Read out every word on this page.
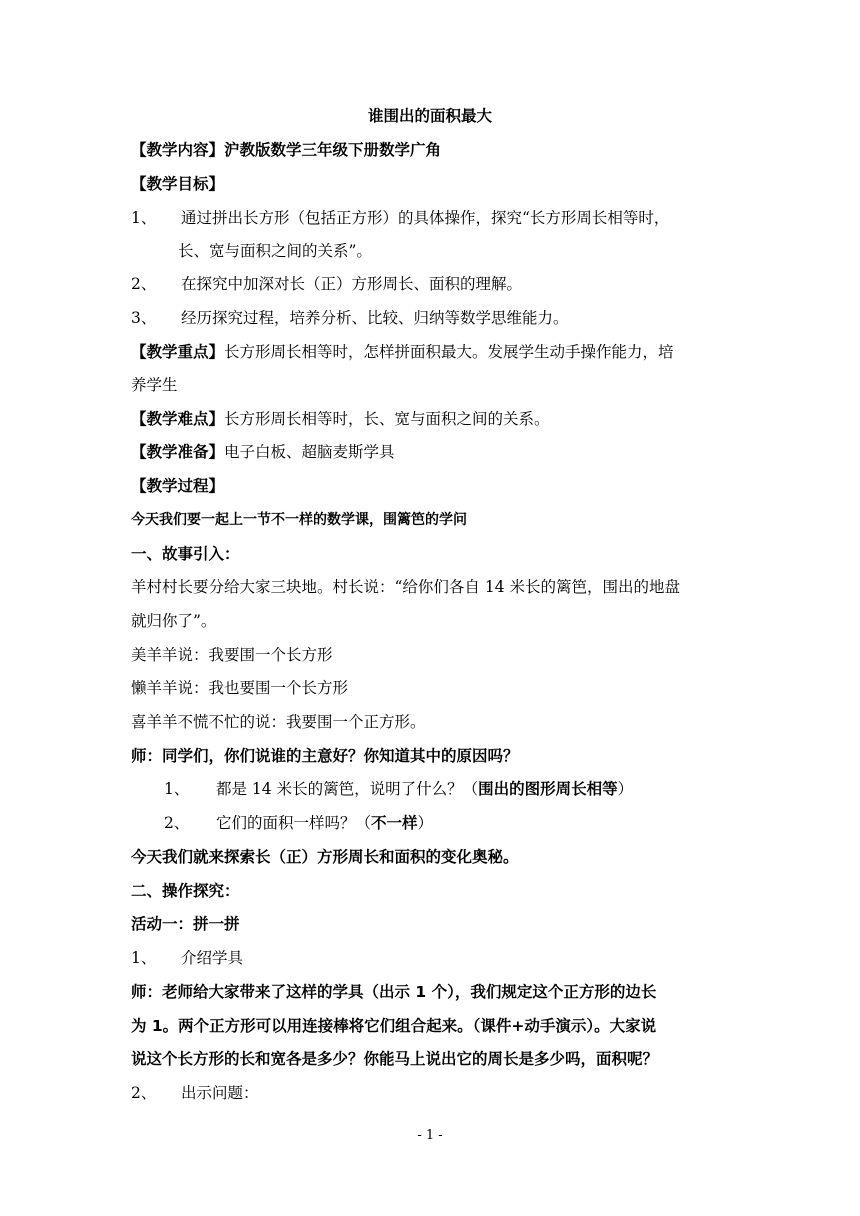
谁围出的面积最大
【教学内容】沪教版数学三年级下册数学广角
【教学目标】
1、 通过拼出长方形（包括正方形）的具体操作，探究“长方形周长相等时，
长、宽与面积之间的关系”。
2、 在探究中加深对长（正）方形周长、面积的理解。
3、 经历探究过程，培养分析、比较、归纳等数学思维能力。
【教学重点】长方形周长相等时，怎样拼面积最大。发展学生动手操作能力，培
养学生
【教学难点】长方形周长相等时，长、宽与面积之间的关系。
【教学准备】电子白板、超脑麦斯学具
【教学过程】
今天我们要一起上一节不一样的数学课，围篱笆的学问
一、故事引入：
羊村村长要分给大家三块地。村长说：“给你们各自 14 米长的篱笆，围出的地盘
就归你了”。
美羊羊说：我要围一个长方形
懒羊羊说：我也要围一个长方形
喜羊羊不慌不忙的说：我要围一个正方形。
师：同学们，你们说谁的主意好？你知道其中的原因吗？
1、 都是 14 米长的篱笆，说明了什么？（围出的图形周长相等）
2、 它们的面积一样吗？（不一样）
今天我们就来探索长（正）方形周长和面积的变化奥秘。
二、操作探究：
活动一：拼一拼
1、 介绍学具
师：老师给大家带来了这样的学具（出示 1 个），我们规定这个正方形的边长
为 1。两个正方形可以用连接棒将它们组合起来。（课件+动手演示）。大家说
说这个长方形的长和宽各是多少？你能马上说出它的周长是多少吗，面积呢？
2、 出示问题：
- 1 -
